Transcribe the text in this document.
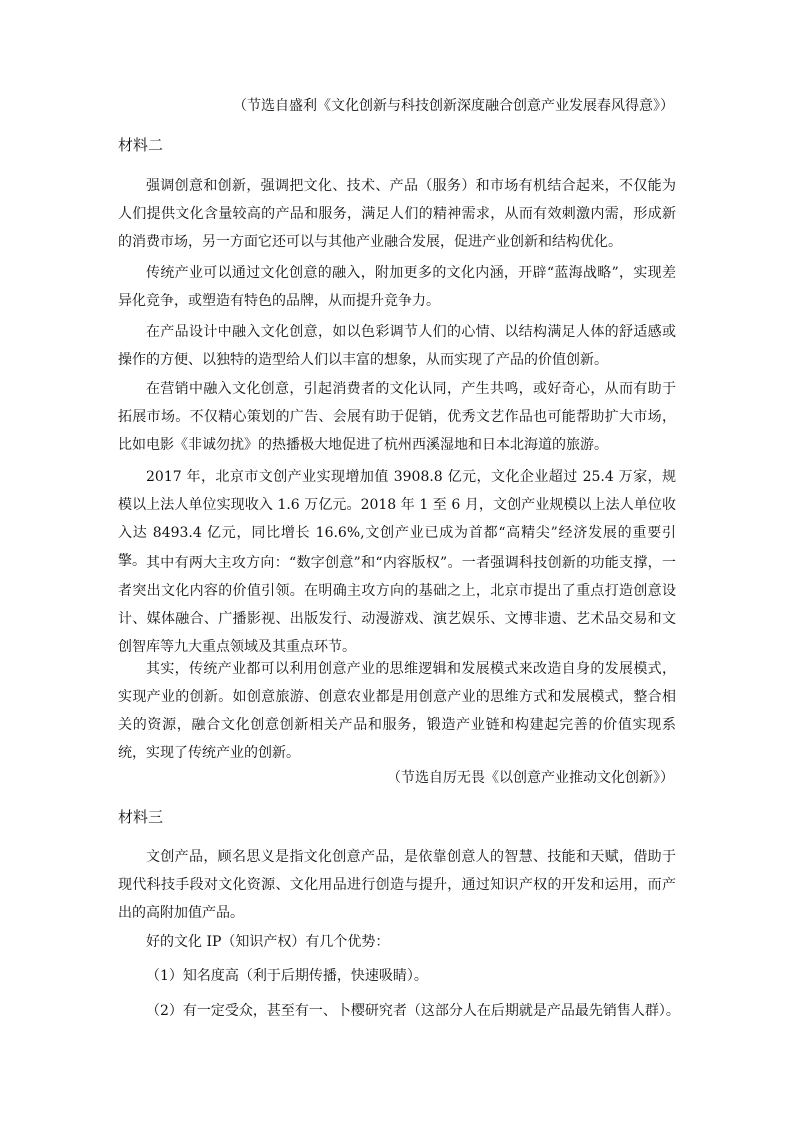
（节选自盛利《文化创新与科技创新深度融合创意产业发展春风得意》）
材料二

强调创意和创新，强调把文化、技术、产品（服务）和市场有机结合起来，不仅能为人们提供文化含量较高的产品和服务，满足人们的精神需求，从而有效刺激内需，形成新的消费市场，另一方面它还可以与其他产业融合发展，促进产业创新和结构优化。

传统产业可以通过文化创意的融入，附加更多的文化内涵，开辟“蓝海战略”，实现差异化竞争，或塑造有特色的品牌，从而提升竞争力。

在产品设计中融入文化创意，如以色彩调节人们的心情、以结构满足人体的舒适感或操作的方便、以独特的造型给人们以丰富的想象，从而实现了产品的价值创新。

在营销中融入文化创意，引起消费者的文化认同，产生共鸣，或好奇心，从而有助于拓展市场。不仅精心策划的广告、会展有助于促销，优秀文艺作品也可能帮助扩大市场，比如电影《非诚勿扰》的热播极大地促进了杭州西溪湿地和日本北海道的旅游。

2017 年，北京市文创产业实现增加值 3908.8 亿元，文化企业超过 25.4 万家，规模以上法人单位实现收入 1.6 万亿元。2018 年 1 至 6 月，文创产业规模以上法人单位收入达 8493.4 亿元，同比增长 16.6%,文创产业已成为首都“高精尖”经济发展的重要引擎。 其中有两大主攻方向：“数字创意”和“内容版权”。一者强调科技创新的功能支撑，一者突出文化内容的价值引领。在明确主攻方向的基础之上，北京市提出了重点打造创意设计、媒体融合、广播影视、出版发行、动漫游戏、演艺娱乐、文博非遗、艺术品交易和文创智库等九大重点领域及其重点环节。

其实，传统产业都可以利用创意产业的思维逻辑和发展模式来改造自身的发展模式，实现产业的创新。如创意旅游、创意农业都是用创意产业的思维方式和发展模式，整合相关的资源，融合文化创意创新相关产品和服务，锻造产业链和构建起完善的价值实现系统，实现了传统产业的创新。

（节选自厉无畏《以创意产业推动文化创新》）
材料三

文创产品，顾名思义是指文化创意产品，是依靠创意人的智慧、技能和天赋，借助于现代科技手段对文化资源、文化用品进行创造与提升，通过知识产权的开发和运用，而产出的高附加值产品。

好的文化 IP（知识产权）有几个优势：

（1）知名度高（利于后期传播，快速吸睛）。

（2）有一定受众，甚至有一、卜樱研究者（这部分人在后期就是产品最先销售人群）。
